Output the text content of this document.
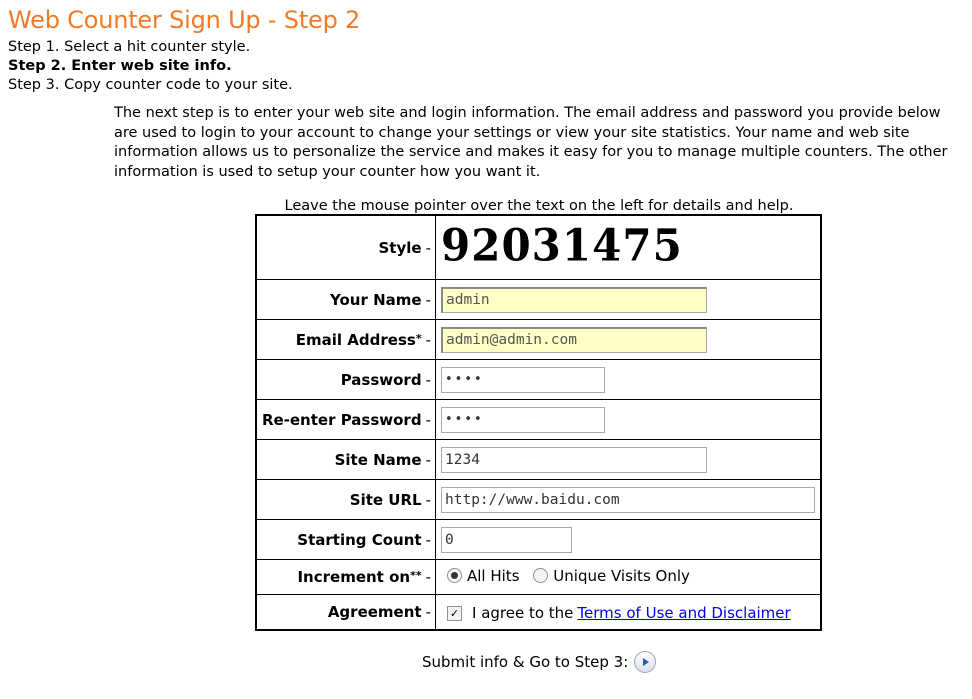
Web Counter Sign Up - Step 2
Step 1. Select a hit counter style.
Step 2. Enter web site info.
Step 3. Copy counter code to your site.

The next step is to enter your web site and login information. The email address and password you provide below are used to login to your account to change your settings or view your site statistics. Your name and web site information allows us to personalize the service and makes it easy for you to manage multiple counters. The other information is used to setup your counter how you want it.

Leave the mouse pointer over the text on the left for details and help.
Style -	92031475
Your Name -	admin
Email Address* -	admin@admin.com
Password -	••••
Re-enter Password -	••••
Site Name -	1234
Site URL -	http://www.baidu.com
Starting Count -	0
Increment on** -	All Hits
Unique Visits Only

Agreement -	✓ I agree to the Terms of Use and Disclaimer
Submit info & Go to Step 3:
